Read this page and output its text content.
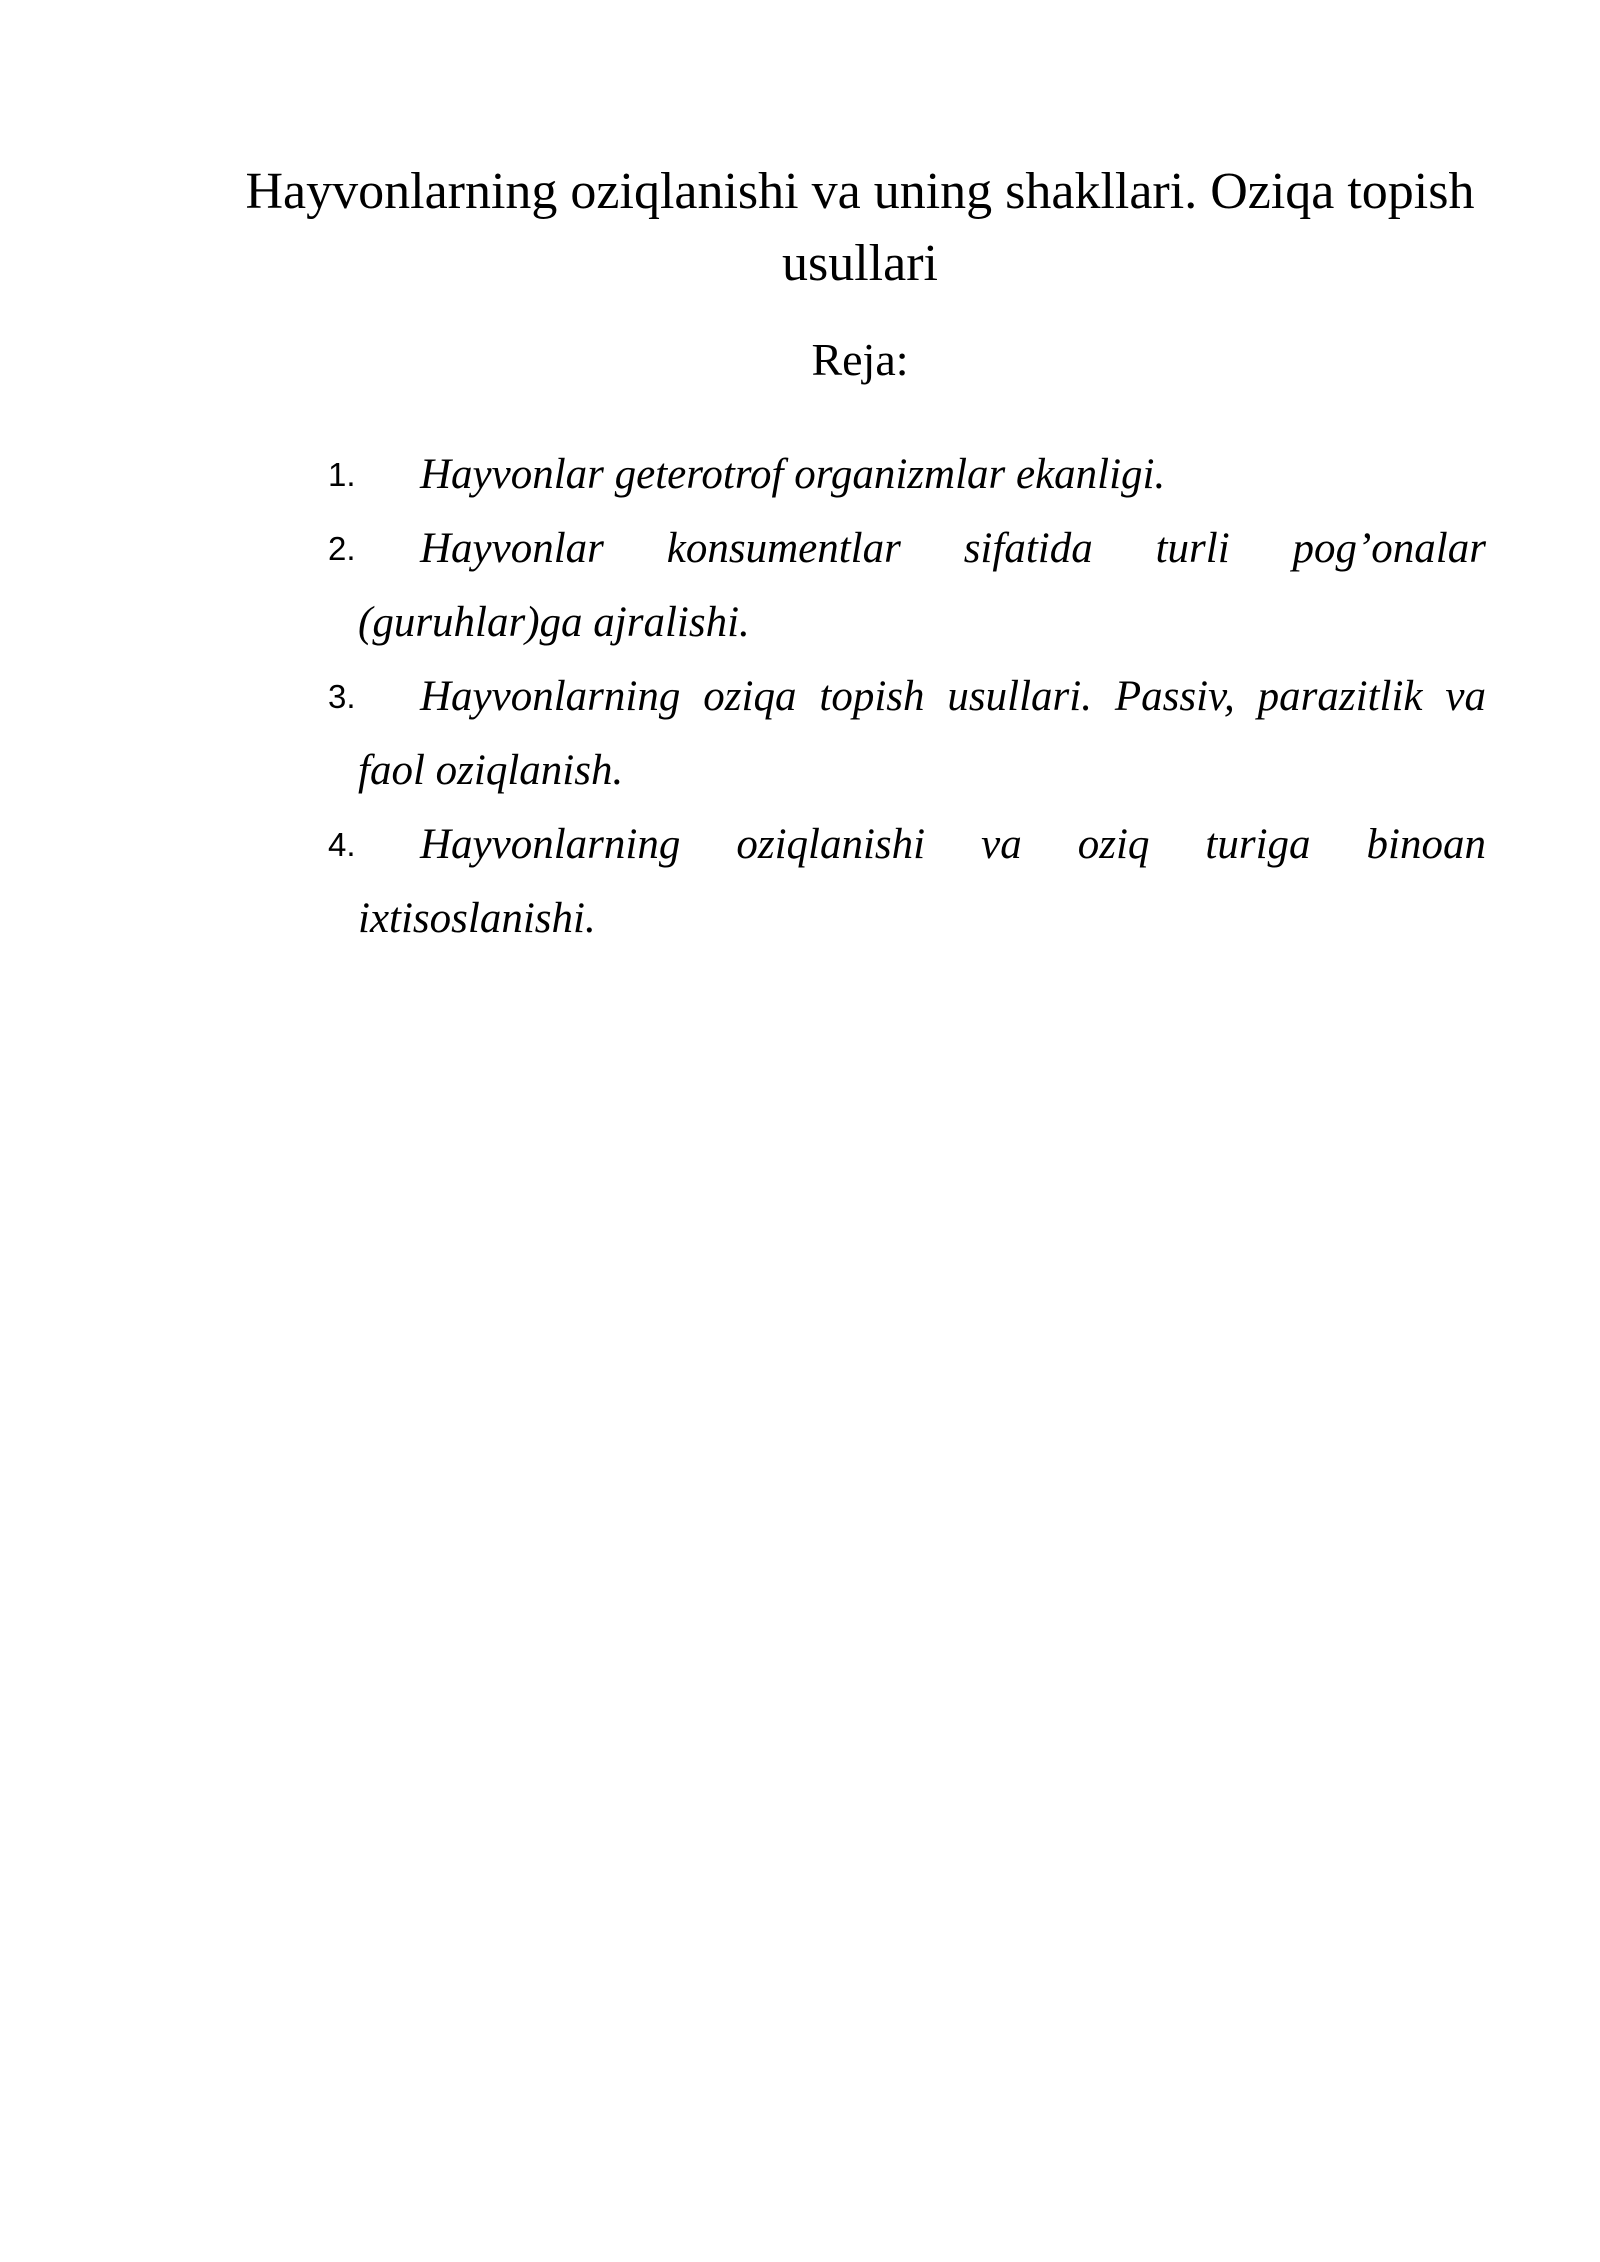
Hayvonlarning oziqlanishi va uning shakllari. Oziqa topish usullari
Reja:
1. Hayvonlar geterotrof organizmlar ekanligi.
2. Hayvonlar konsumentlar sifatida turli pog’onalar (guruhlar)ga ajralishi.
3. Hayvonlarning oziqa topish usullari. Passiv, parazitlik va faol oziqlanish.
4. Hayvonlarning oziqlanishi va oziq turiga binoan ixtisoslanishi.
